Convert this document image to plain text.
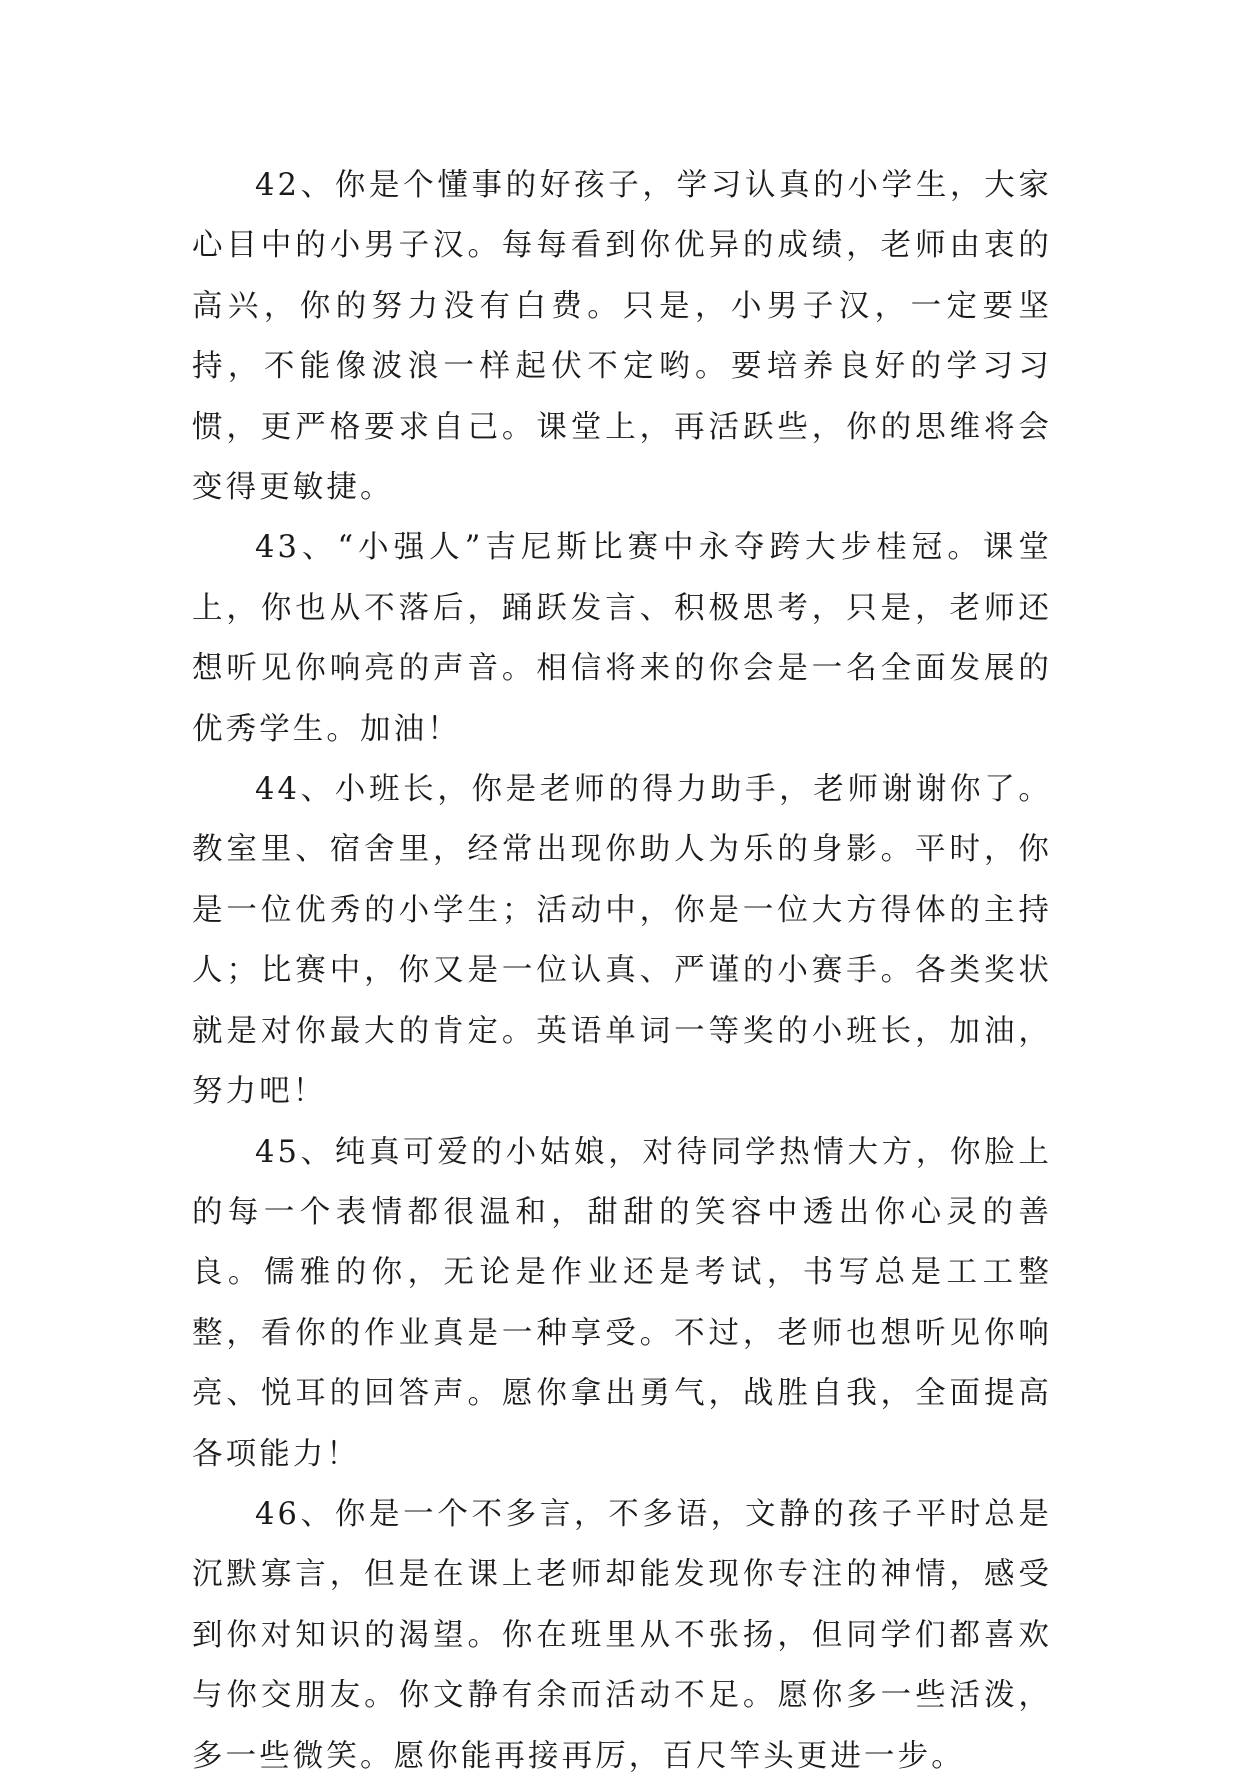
42、你是个懂事的好孩子，学习认真的小学生，大家心目中的小男子汉。每每看到你优异的成绩，老师由衷的高兴，你的努力没有白费。只是，小男子汉，一定要坚持，不能像波浪一样起伏不定哟。要培养良好的学习习惯，更严格要求自己。课堂上，再活跃些，你的思维将会变得更敏捷。

43、“小强人”吉尼斯比赛中永夺跨大步桂冠。课堂上，你也从不落后，踊跃发言、积极思考，只是，老师还想听见你响亮的声音。相信将来的你会是一名全面发展的优秀学生。加油！

44、小班长，你是老师的得力助手，老师谢谢你了。教室里、宿舍里，经常出现你助人为乐的身影。平时，你是一位优秀的小学生；活动中，你是一位大方得体的主持人；比赛中，你又是一位认真、严谨的小赛手。各类奖状就是对你最大的肯定。英语单词一等奖的小班长，加油，努力吧！

45、纯真可爱的小姑娘，对待同学热情大方，你脸上的每一个表情都很温和，甜甜的笑容中透出你心灵的善良。儒雅的你，无论是作业还是考试，书写总是工工整整，看你的作业真是一种享受。不过，老师也想听见你响亮、悦耳的回答声。愿你拿出勇气，战胜自我，全面提高各项能力！

46、你是一个不多言，不多语，文静的孩子平时总是沉默寡言，但是在课上老师却能发现你专注的神情，感受到你对知识的渴望。你在班里从不张扬，但同学们都喜欢与你交朋友。你文静有余而活动不足。愿你多一些活泼，多一些微笑。愿你能再接再厉，百尺竿头更进一步。
